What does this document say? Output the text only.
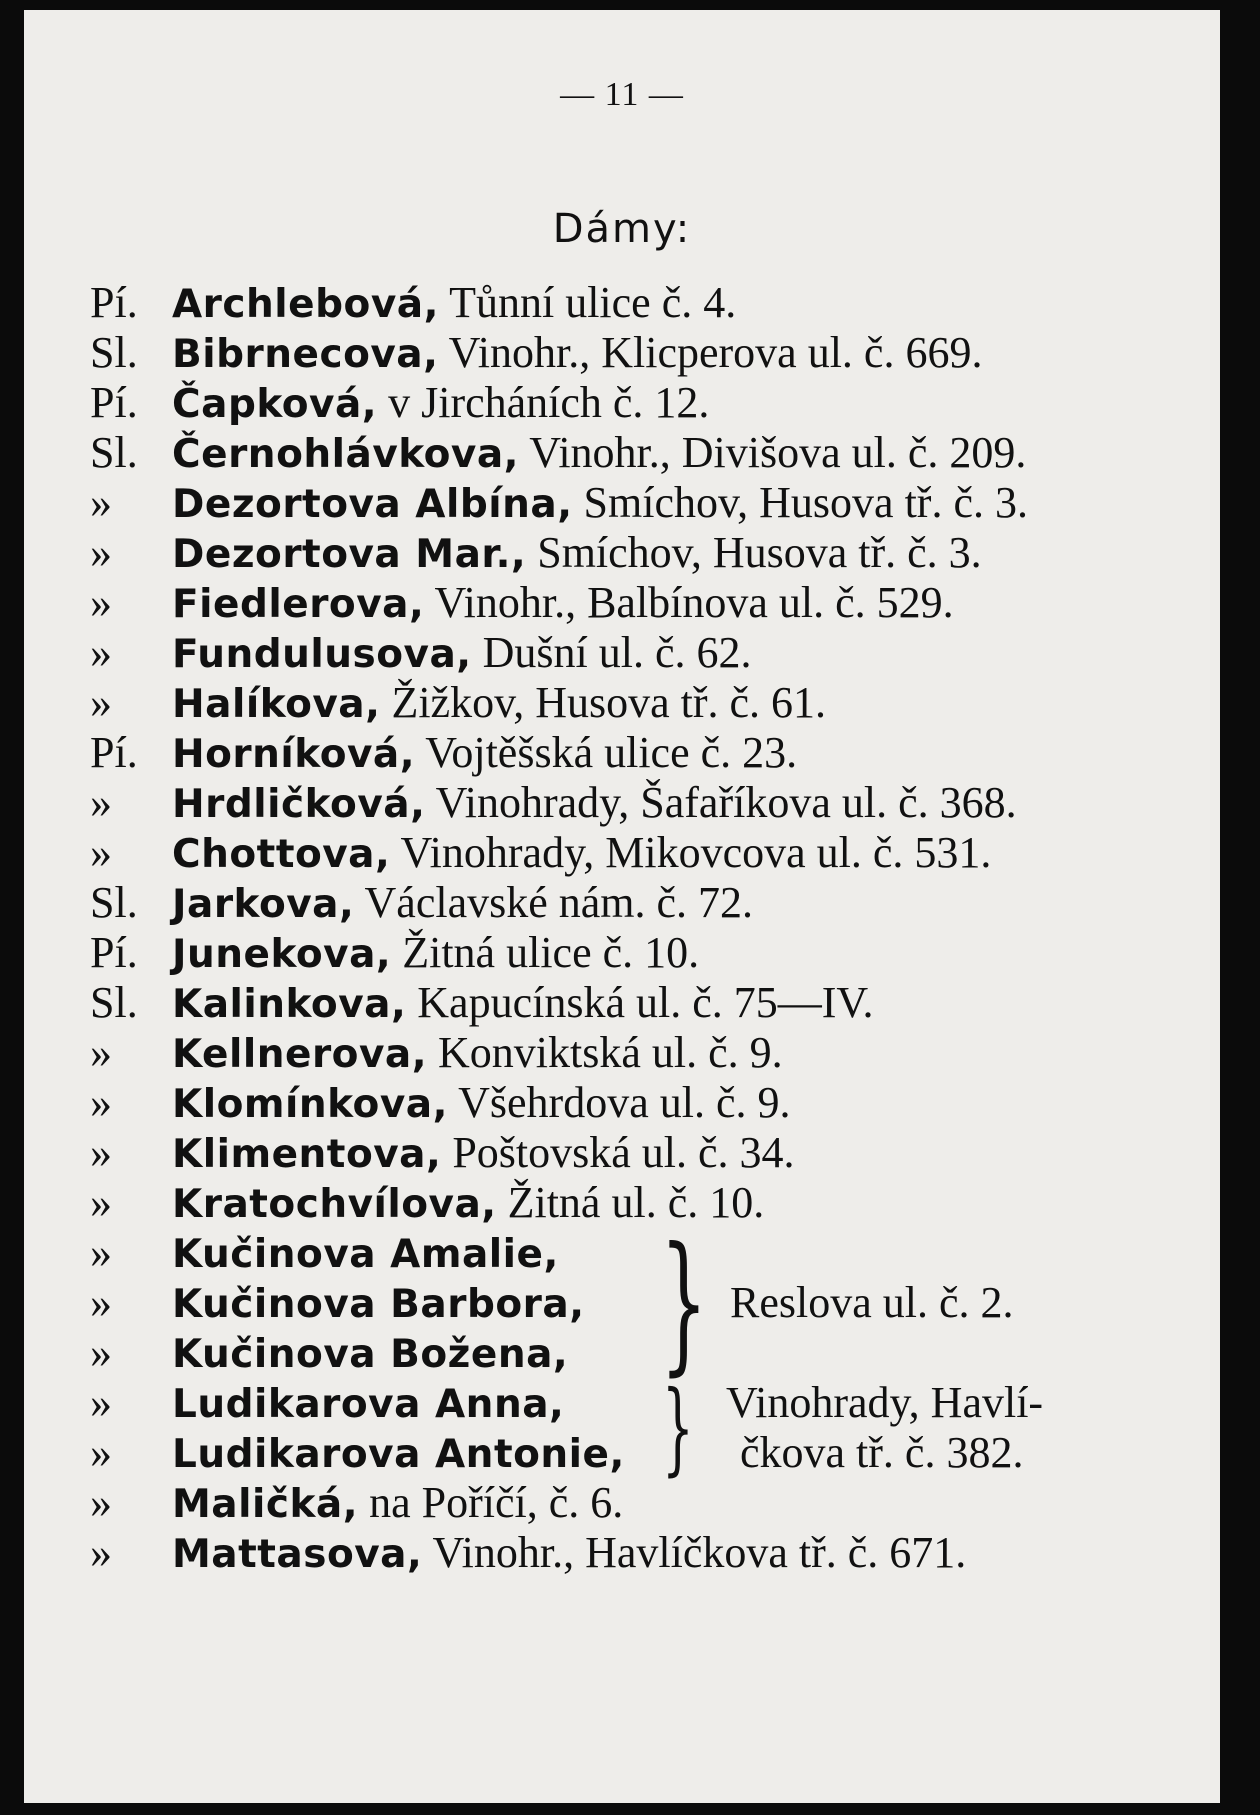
— 11 —
Dámy:
Pí. Archlebová, Tůnní ulice č. 4.
Sl. Bibrnecova, Vinohr., Klicperova ul. č. 669.
Pí. Čapková, v Jircháních č. 12.
Sl. Černohlávkova, Vinohr., Divišova ul. č. 209.
» Dezortova Albína, Smíchov, Husova tř. č. 3.
» Dezortova Mar., Smíchov, Husova tř. č. 3.
» Fiedlerova, Vinohr., Balbínova ul. č. 529.
» Fundulusova, Dušní ul. č. 62.
» Halíkova, Žižkov, Husova tř. č. 61.
Pí. Horníková, Vojtěšská ulice č. 23.
» Hrdličková, Vinohrady, Šafaříkova ul. č. 368.
» Chottova, Vinohrady, Mikovcova ul. č. 531.
Sl. Jarkova, Václavské nám. č. 72.
Pí. Junekova, Žitná ulice č. 10.
Sl. Kalinkova, Kapucínská ul. č. 75—IV.
» Kellnerova, Konviktská ul. č. 9.
» Klomínkova, Všehrdova ul. č. 9.
» Klimentova, Poštovská ul. č. 34.
» Kratochvílova, Žitná ul. č. 10.
» Kučinova Amalie,
» Kučinova Barbora,
» Kučinova Božena,
» Ludikarova Anna,
» Ludikarova Antonie,
» Maličká, na Poříčí, č. 6.
» Mattasova, Vinohr., Havlíčkova tř. č. 671.
} Reslova ul. č. 2.
} Vinohrady, Havlí-
čkova tř. č. 382.
